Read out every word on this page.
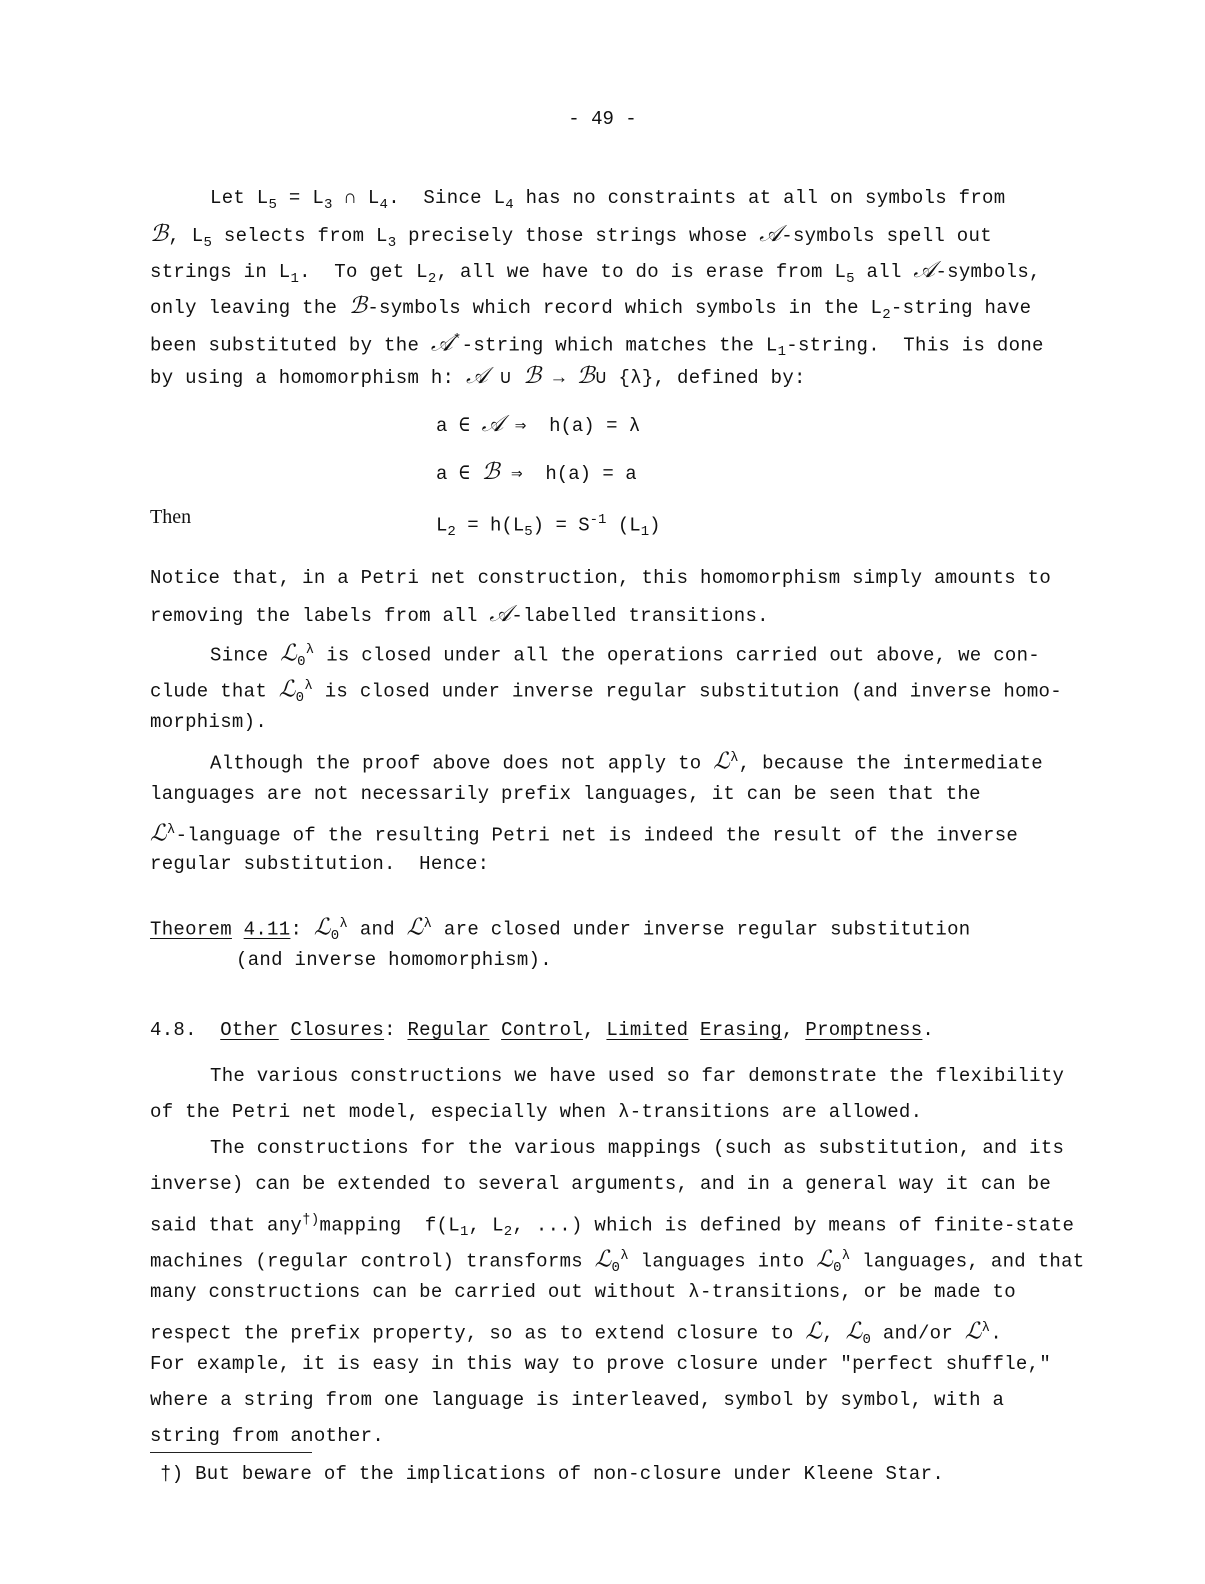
- 49 -
Let $L_5 = L_3$ ∩ $L_4$.  Since $L_4$ has no constraints at all on symbols from
ℬ, $L_5$ selects from $L_3$ precisely those strings whose 𝒜-symbols spell out
strings in $L_1$.  To get $L_2$, all we have to do is erase from $L_5$ all 𝒜-symbols,
only leaving the ℬ-symbols which record which symbols in the $L_2$-string have
been substituted by the 𝒜*-string which matches the $L_1$-string.  This is done
by using a homomorphism h: 𝒜 ∪ ℬ → ℬ∪ {λ}, defined by:
a ∈ 𝒜 ⇒  h(a) = λ
a ∈ ℬ ⇒  h(a) = a
Then	$L_2 = h(L_5) = S^{-1}$ $(L_1)$
Notice that, in a Petri net construction, this homomorphism simply amounts to
removing the labels from all 𝒜-labelled transitions.
Since ℒ$_0^\lambda$ is closed under all the operations carried out above, we con-
clude that ℒ$_0^\lambda$ is closed under inverse regular substitution (and inverse homo-
morphism).
Although the proof above does not apply to ℒ$^\lambda$, because the intermediate
languages are not necessarily prefix languages, it can be seen that the
ℒ$^\lambda$-language of the resulting Petri net is indeed the result of the inverse
regular substitution.  Hence:
Theorem 4.11: ℒ$_0^\lambda$ and ℒ$^\lambda$ are closed under inverse regular substitution
(and inverse homomorphism).
4.8. Other Closures: Regular Control, Limited Erasing, Promptness.
The various constructions we have used so far demonstrate the flexibility
of the Petri net model, especially when λ-transitions are allowed.
The constructions for the various mappings (such as substitution, and its
inverse) can be extended to several arguments, and in a general way it can be
said that any†)mapping  $f(L_1$, $L_2$, ...) which is defined by means of finite-state
machines (regular control) transforms ℒ$_0^\lambda$ languages into ℒ$_0^\lambda$ languages, and that
many constructions can be carried out without λ-transitions, or be made to
respect the prefix property, so as to extend closure to ℒ, ℒ$_0$ and/or ℒ$^\lambda$.
For example, it is easy in this way to prove closure under "perfect shuffle,"
where a string from one language is interleaved, symbol by symbol, with a
string from another.
†) But beware of the implications of non-closure under Kleene Star.
